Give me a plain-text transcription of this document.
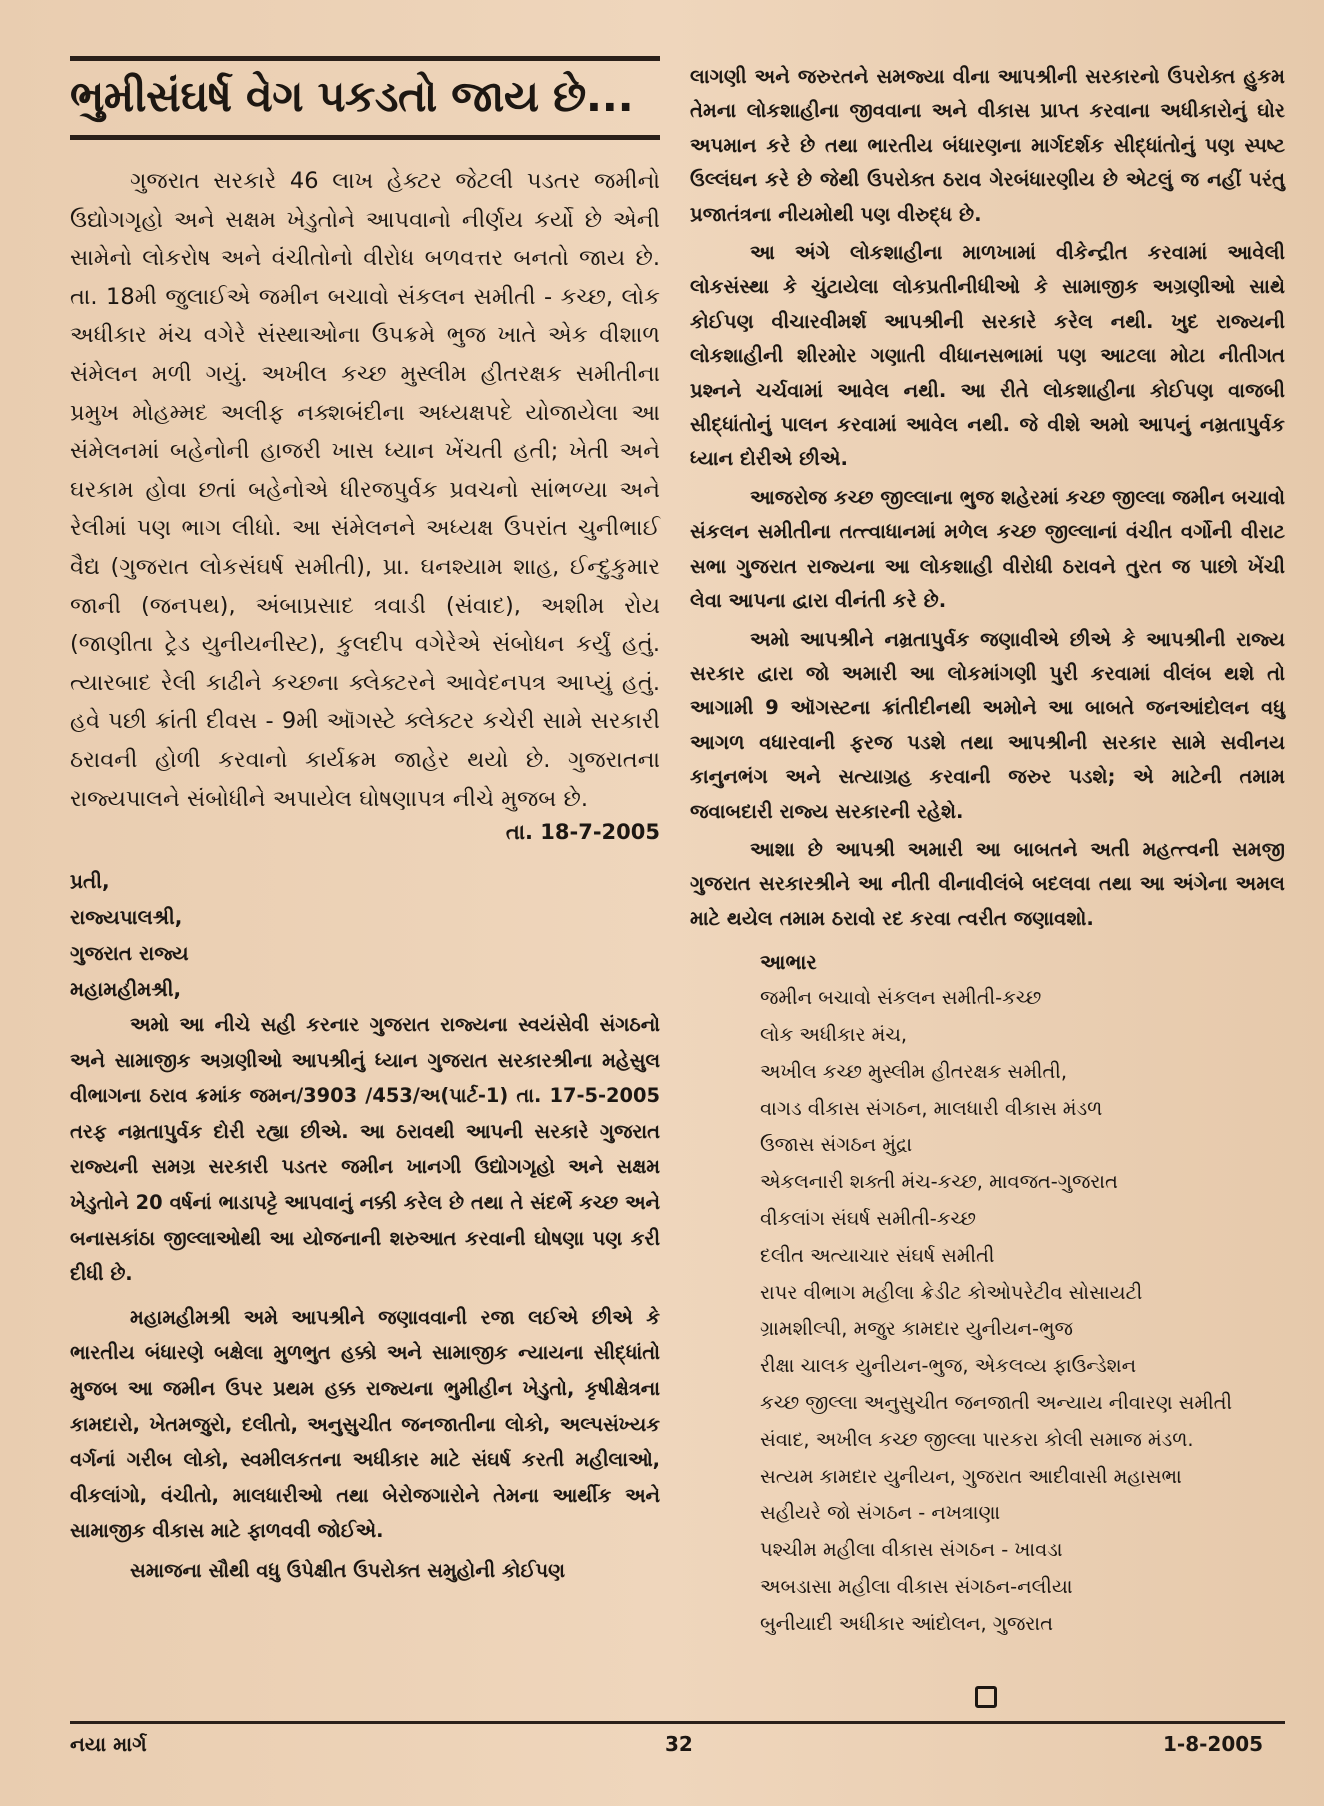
ભુમીસંઘર્ષ વેગ પકડતો જાય છે...

ગુજરાત સરકારે 46 લાખ હેક્ટર જેટલી પડતર જમીનો ઉદ્યોગગૃહો અને સક્ષમ ખેડુતોને આપવાનો નીર્ણય કર્યો છે એની સામેનો લોકરોષ અને વંચીતોનો વીરોધ બળવત્તર બનતો જાય છે. તા. 18મી જુલાઈએ જમીન બચાવો સંકલન સમીતી - કચ્છ, લોક અધીકાર મંચ વગેરે સંસ્થાઓના ઉપક્રમે ભુજ ખાતે એક વીશાળ સંમેલન મળી ગયું. અખીલ કચ્છ મુસ્લીમ હીતરક્ષક સમીતીના પ્રમુખ મોહમ્મદ અલીફ નક્શબંદીના અધ્યક્ષપદે યોજાયેલા આ સંમેલનમાં બહેનોની હાજરી ખાસ ધ્યાન ખેંચતી હતી; ખેતી અને ઘરકામ હોવા છતાં બહેનોએ ધીરજપુર્વક પ્રવચનો સાંભળ્યા અને રેલીમાં પણ ભાગ લીધો. આ સંમેલનને અધ્યક્ષ ઉપરાંત ચુનીભાઈ વૈદ્ય (ગુજરાત લોકસંઘર્ષ સમીતી), પ્રા. ઘનશ્યામ શાહ, ઈન્દુકુમાર જાની (જનપથ), અંબાપ્રસાદ ત્રવાડી (સંવાદ), અશીમ રોય (જાણીતા ટ્રેડ યુનીયનીસ્ટ), કુલદીપ વગેરેએ સંબોધન કર્યું હતું. ત્યારબાદ રેલી કાઢીને કચ્છના ક્લેક્ટરને આવેદનપત્ર આપ્યું હતું. હવે પછી ક્રાંતી દીવસ - 9મી ઑગસ્ટે ક્લેક્ટર કચેરી સામે સરકારી ઠરાવની હોળી કરવાનો કાર્યક્રમ જાહેર થયો છે. ગુજરાતના રાજ્યપાલને સંબોધીને અપાયેલ ઘોષણાપત્ર નીચે મુજબ છે.

તા. 18-7-2005
પ્રતી,
રાજ્યપાલશ્રી,
ગુજરાત રાજ્ય
મહામહીમશ્રી,

અમો આ નીચે સહી કરનાર ગુજરાત રાજ્યના સ્વયંસેવી સંગઠનો અને સામાજીક અગ્રણીઓ આપશ્રીનું ધ્યાન ગુજરાત સરકારશ્રીના મહેસુલ વીભાગના ઠરાવ ક્રમાંક જમન/3903 /453/અ(પાર્ટ-1) તા. 17-5-2005 તરફ નમ્રતાપુર્વક દોરી રહ્યા છીએ. આ ઠરાવથી આપની સરકારે ગુજરાત રાજ્યની સમગ્ર સરકારી પડતર જમીન ખાનગી ઉદ્યોગગૃહો અને સક્ષમ ખેડુતોને 20 વર્ષનાં ભાડાપટ્ટે આપવાનું નક્કી કરેલ છે તથા તે સંદર્ભે કચ્છ અને બનાસકાંઠા જીલ્લાઓથી આ યોજનાની શરુઆત કરવાની ઘોષણા પણ કરી દીધી છે.

મહામહીમશ્રી અમે આપશ્રીને જણાવવાની રજા લઈએ છીએ કે ભારતીય બંધારણે બક્ષેલા મુળભુત હક્કો અને સામાજીક ન્યાયના સીદ્ધાંતો મુજબ આ જમીન ઉપર પ્રથમ હક્ક રાજ્યના ભુમીહીન ખેડુતો, કૃષીક્ષેત્રના કામદારો, ખેતમજુરો, દલીતો, અનુસુચીત જનજાતીના લોકો, અલ્પસંખ્યક વર્ગનાં ગરીબ લોકો, સ્વમીલકતના અધીકાર માટે સંઘર્ષ કરતી મહીલાઓ, વીકલાંગો, વંચીતો, માલધારીઓ તથા બેરોજગારોને તેમના આર્થીક અને સામાજીક વીકાસ માટે ફાળવવી જોઈએ.

સમાજના સૌથી વધુ ઉપેક્ષીત ઉપરોક્ત સમુહોની કોઈપણ

લાગણી અને જરુરતને સમજ્યા વીના આપશ્રીની સરકારનો ઉપરોક્ત હુકમ તેમના લોકશાહીના જીવવાના અને વીકાસ પ્રાપ્ત કરવાના અધીકારોનું ઘોર અપમાન કરે છે તથા ભારતીય બંધારણના માર્ગદર્શક સીદ્ધાંતોનું પણ સ્પષ્ટ ઉલ્લંઘન કરે છે જેથી ઉપરોક્ત ઠરાવ ગેરબંધારણીય છે એટલું જ નહીં પરંતુ પ્રજાતંત્રના નીયમોથી પણ વીરુદ્ધ છે.

આ અંગે લોકશાહીના માળખામાં વીકેન્દ્રીત કરવામાં આવેલી લોકસંસ્થા કે ચુંટાયેલા લોકપ્રતીનીધીઓ કે સામાજીક અગ્રણીઓ સાથે કોઈપણ વીચારવીમર્શ આપશ્રીની સરકારે કરેલ નથી. ખુદ રાજ્યની લોકશાહીની શીરમોર ગણાતી વીધાનસભામાં પણ આટલા મોટા નીતીગત પ્રશ્નને ચર્ચવામાં આવેલ નથી. આ રીતે લોકશાહીના કોઈપણ વાજબી સીદ્ધાંતોનું પાલન કરવામાં આવેલ નથી. જે વીશે અમો આપનું નમ્રતાપુર્વક ધ્યાન દોરીએ છીએ.

આજરોજ કચ્છ જીલ્લાના ભુજ શહેરમાં કચ્છ જીલ્લા જમીન બચાવો સંકલન સમીતીના તત્ત્વાધાનમાં મળેલ કચ્છ જીલ્લાનાં વંચીત વર્ગોની વીરાટ સભા ગુજરાત રાજ્યના આ લોકશાહી વીરોધી ઠરાવને તુરત જ પાછો ખેંચી લેવા આપના દ્વારા વીનંતી કરે છે.

અમો આપશ્રીને નમ્રતાપુર્વક જણાવીએ છીએ કે આપશ્રીની રાજ્ય સરકાર દ્વારા જો અમારી આ લોકમાંગણી પુરી કરવામાં વીલંબ થશે તો આગામી 9 ઑગસ્ટના ક્રાંતીદીનથી અમોને આ બાબતે જનઆંદોલન વધુ આગળ વધારવાની ફરજ પડશે તથા આપશ્રીની સરકાર સામે સવીનય કાનુનભંગ અને સત્યાગ્રહ કરવાની જરુર પડશે; એ માટેની તમામ જવાબદારી રાજ્ય સરકારની રહેશે.

આશા છે આપશ્રી અમારી આ બાબતને અતી મહત્ત્વની સમજી ગુજરાત સરકારશ્રીને આ નીતી વીનાવીલંબે બદલવા તથા આ અંગેના અમલ માટે થયેલ તમામ ઠરાવો રદ કરવા ત્વરીત જણાવશો.

આભાર
જમીન બચાવો સંકલન સમીતી-કચ્છ
લોક અધીકાર મંચ,
અખીલ કચ્છ મુસ્લીમ હીતરક્ષક સમીતી,
વાગડ વીકાસ સંગઠન, માલધારી વીકાસ મંડળ
ઉજાસ સંગઠન મુંદ્રા
એકલનારી શક્તી મંચ-કચ્છ, માવજત-ગુજરાત
વીકલાંગ સંઘર્ષ સમીતી-કચ્છ
દલીત અત્યાચાર સંઘર્ષ સમીતી
રાપર વીભાગ મહીલા ક્રેડીટ કોઓપરેટીવ સોસાયટી
ગ્રામશીલ્પી, મજુર કામદાર યુનીયન-ભુજ
રીક્ષા ચાલક યુનીયન-ભુજ, એકલવ્ય ફાઉન્ડેશન
કચ્છ જીલ્લા અનુસુચીત જનજાતી અન્યાય નીવારણ સમીતી
સંવાદ, અખીલ કચ્છ જીલ્લા પારકરા કોલી સમાજ મંડળ.
સત્યમ કામદાર યુનીયન, ગુજરાત આદીવાસી મહાસભા
સહીયરે જો સંગઠન - નખત્રાણા
પશ્ચીમ મહીલા વીકાસ સંગઠન - ખાવડા
અબડાસા મહીલા વીકાસ સંગઠન-નલીયા
બુનીયાદી અધીકાર આંદોલન, ગુજરાત
નયા માર્ગ	32	1-8-2005
